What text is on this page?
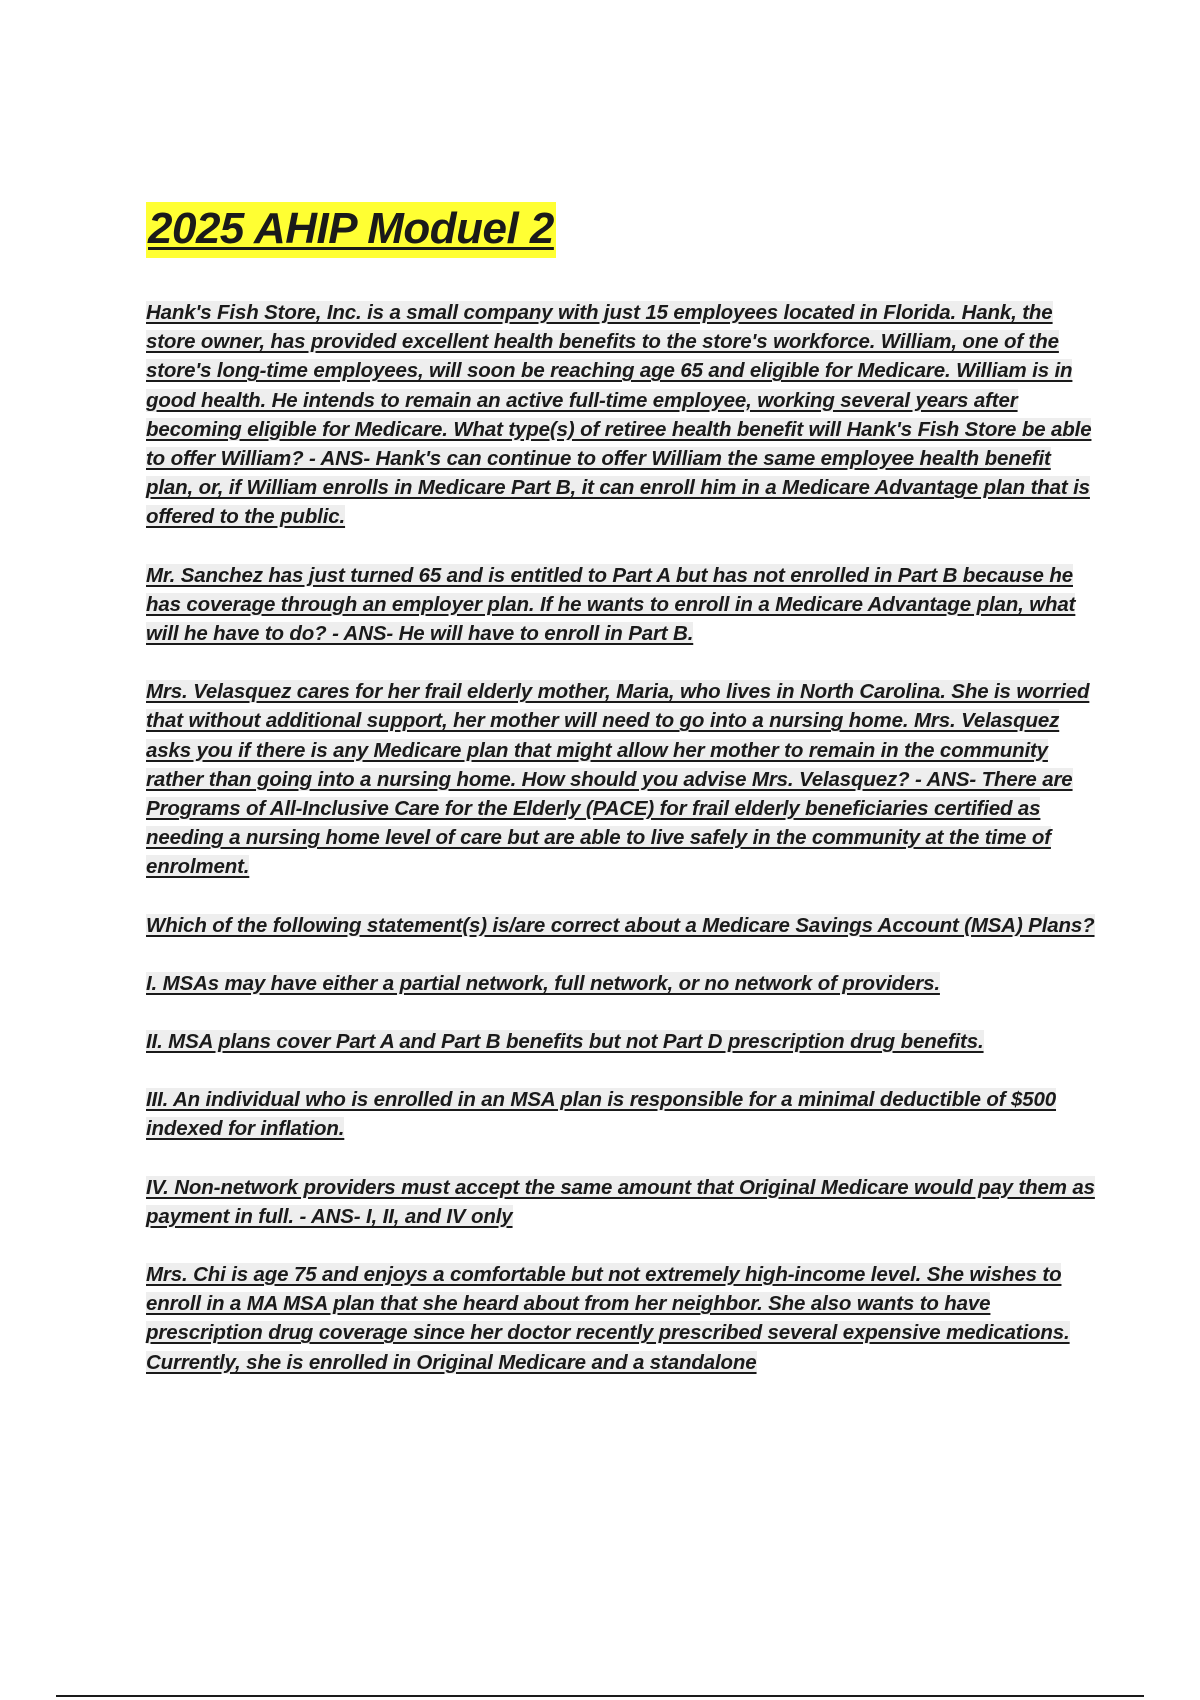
2025 AHIP Moduel 2

Hank's Fish Store, Inc. is a small company with just 15 employees located in Florida. Hank, the store owner, has provided excellent health benefits to the store's workforce. William, one of the store's long-time employees, will soon be reaching age 65 and eligible for Medicare. William is in good health. He intends to remain an active full-time employee, working several years after becoming eligible for Medicare. What type(s) of retiree health benefit will Hank's Fish Store be able to offer William? - ANS- Hank's can continue to offer William the same employee health benefit plan, or, if William enrolls in Medicare Part B, it can enroll him in a Medicare Advantage plan that is offered to the public.

Mr. Sanchez has just turned 65 and is entitled to Part A but has not enrolled in Part B because he has coverage through an employer plan. If he wants to enroll in a Medicare Advantage plan, what will he have to do? - ANS- He will have to enroll in Part B.

Mrs. Velasquez cares for her frail elderly mother, Maria, who lives in North Carolina. She is worried that without additional support, her mother will need to go into a nursing home. Mrs. Velasquez asks you if there is any Medicare plan that might allow her mother to remain in the community rather than going into a nursing home. How should you advise Mrs. Velasquez? - ANS- There are Programs of All-Inclusive Care for the Elderly (PACE) for frail elderly beneficiaries certified as needing a nursing home level of care but are able to live safely in the community at the time of enrolment.

Which of the following statement(s) is/are correct about a Medicare Savings Account (MSA) Plans?

I. MSAs may have either a partial network, full network, or no network of providers.

II. MSA plans cover Part A and Part B benefits but not Part D prescription drug benefits.

III. An individual who is enrolled in an MSA plan is responsible for a minimal deductible of $500 indexed for inflation.

IV. Non-network providers must accept the same amount that Original Medicare would pay them as payment in full. - ANS- I, II, and IV only

Mrs. Chi is age 75 and enjoys a comfortable but not extremely high-income level. She wishes to enroll in a MA MSA plan that she heard about from her neighbor. She also wants to have prescription drug coverage since her doctor recently prescribed several expensive medications. Currently, she is enrolled in Original Medicare and a standalone
